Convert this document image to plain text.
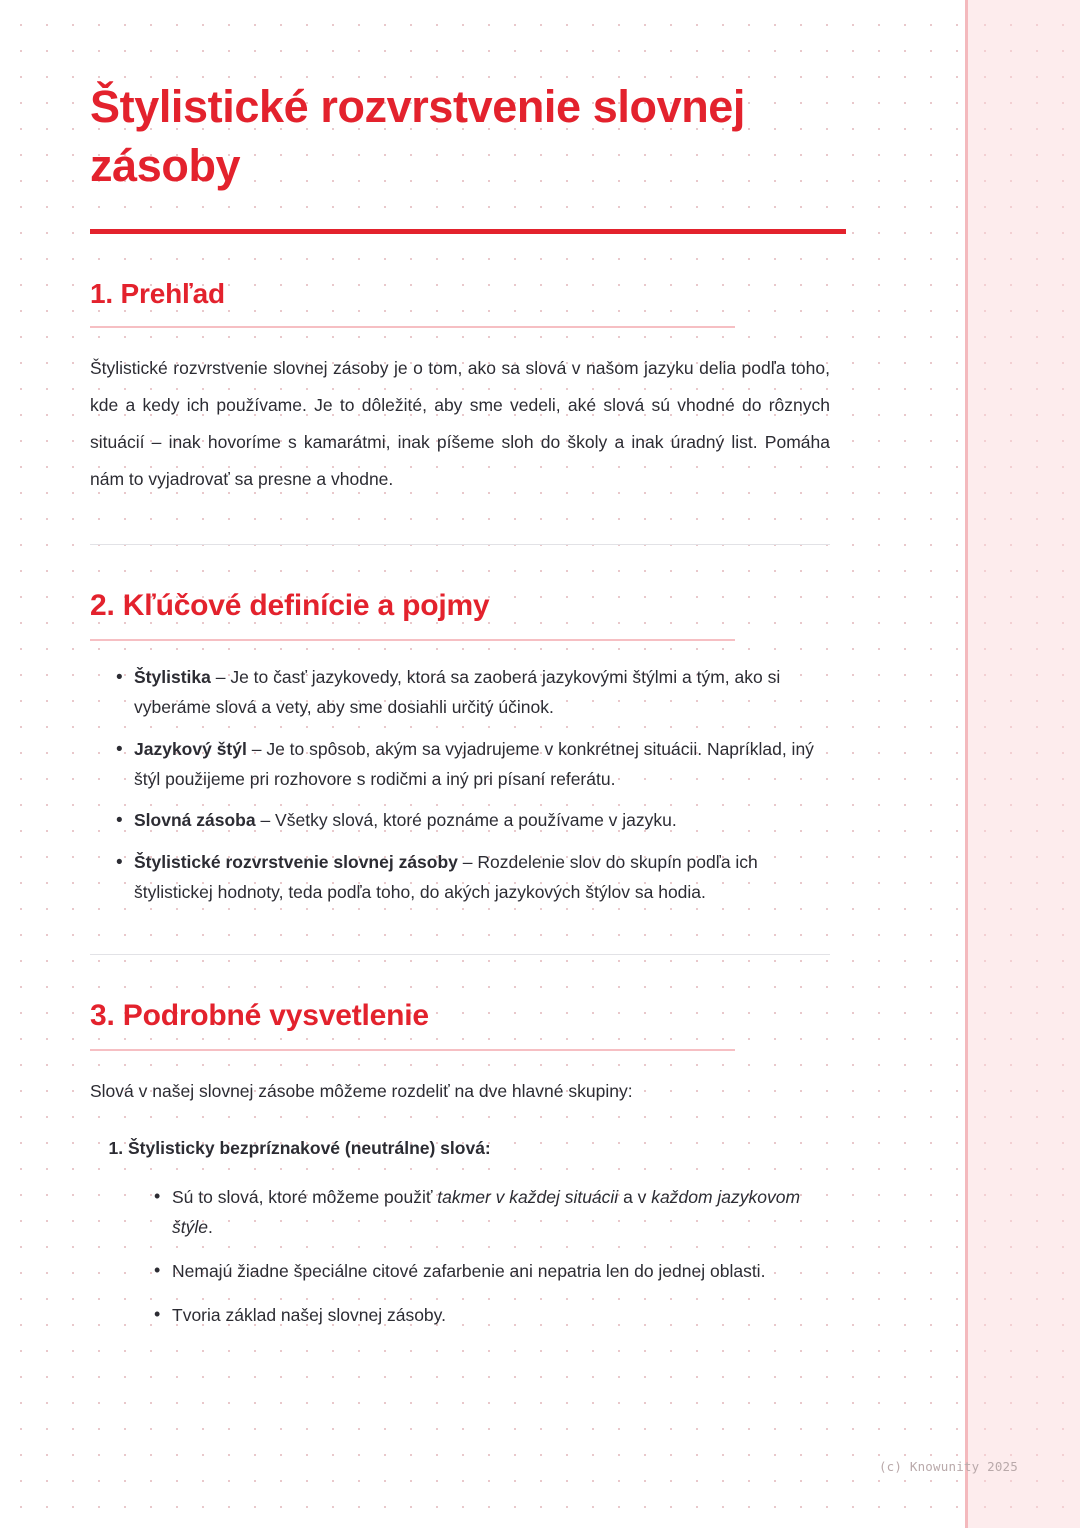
Štylistické rozvrstvenie slovnej zásoby
1. Prehľad

Štylistické rozvrstvenie slovnej zásoby je o tom, ako sa slová v našom jazyku delia podľa toho, kde a kedy ich používame. Je to dôležité, aby sme vedeli, aké slová sú vhodné do rôznych situácií – inak hovoríme s kamarátmi, inak píšeme sloh do školy a inak úradný list. Pomáha nám to vyjadrovať sa presne a vhodne.

2. Kľúčové definície a pojmy
• Štylistika – Je to časť jazykovedy, ktorá sa zaoberá jazykovými štýlmi a tým, ako si vyberáme slová a vety, aby sme dosiahli určitý účinok.
• Jazykový štýl – Je to spôsob, akým sa vyjadrujeme v konkrétnej situácii. Napríklad, iný štýl použijeme pri rozhovore s rodičmi a iný pri písaní referátu.
• Slovná zásoba – Všetky slová, ktoré poznáme a používame v jazyku.
• Štylistické rozvrstvenie slovnej zásoby – Rozdelenie slov do skupín podľa ich štylistickej hodnoty, teda podľa toho, do akých jazykových štýlov sa hodia.
3. Podrobné vysvetlenie

Slová v našej slovnej zásobe môžeme rozdeliť na dve hlavné skupiny:

1. Štylisticky bezpríznakové (neutrálne) slová:
• Sú to slová, ktoré môžeme použiť takmer v každej situácii a v každom jazykovom štýle.
• Nemajú žiadne špeciálne citové zafarbenie ani nepatria len do jednej oblasti.
• Tvoria základ našej slovnej zásoby.
(c) Knowunity 2025
